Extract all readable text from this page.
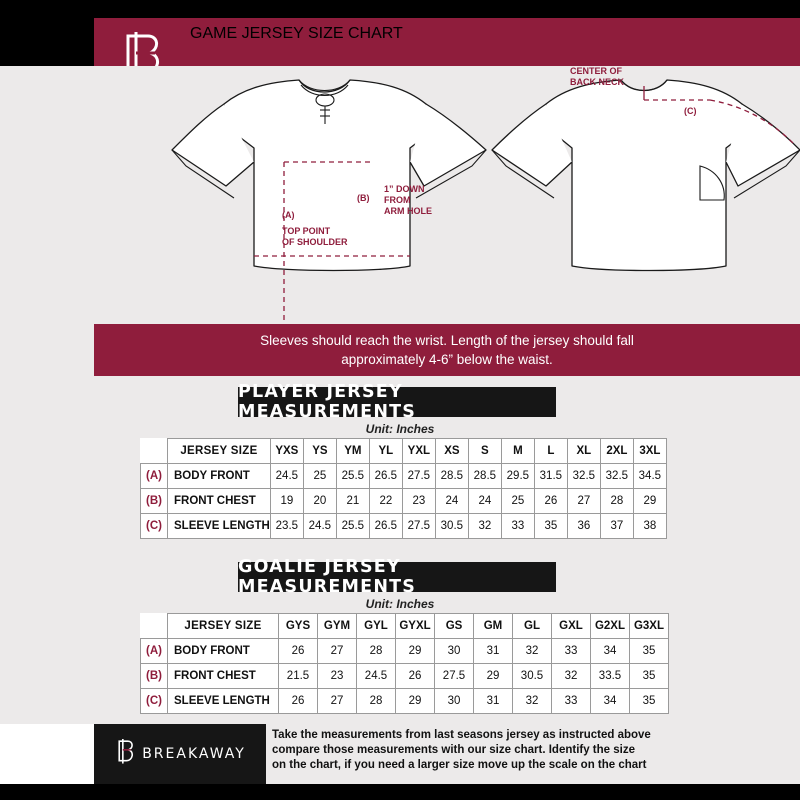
GAME JERSEY SIZE CHART
(A)
(B)
1” DOWN
FROM
ARM HOLE
TOP POINT
OF SHOULDER
CENTER OF
BACK NECK
(C)
Sleeves should reach the wrist. Length of the jersey should fall
approximately 4-6” below the waist.
PLAYER JERSEY MEASUREMENTS
Unit: Inches
	JERSEY SIZE	YXS	YS	YM	YL	YXL	XS	S	M	L	XL	2XL	3XL
(A)	BODY FRONT	24.5	25	25.5	26.5	27.5	28.5	28.5	29.5	31.5	32.5	32.5	34.5
(B)	FRONT CHEST	19	20	21	22	23	24	24	25	26	27	28	29
(C)	SLEEVE LENGTH	23.5	24.5	25.5	26.5	27.5	30.5	32	33	35	36	37	38
GOALIE JERSEY MEASUREMENTS
Unit: Inches
	JERSEY SIZE	GYS	GYM	GYL	GYXL	GS	GM	GL	GXL	G2XL	G3XL
(A)	BODY FRONT	26	27	28	29	30	31	32	33	34	35
(B)	FRONT CHEST	21.5	23	24.5	26	27.5	29	30.5	32	33.5	35
(C)	SLEEVE LENGTH	26	27	28	29	30	31	32	33	34	35
BREAKAWAY
Take the measurements from last seasons jersey as instructed above
compare those measurements with our size chart. Identify the size
on the chart, if you need a larger size move up the scale on the chart
